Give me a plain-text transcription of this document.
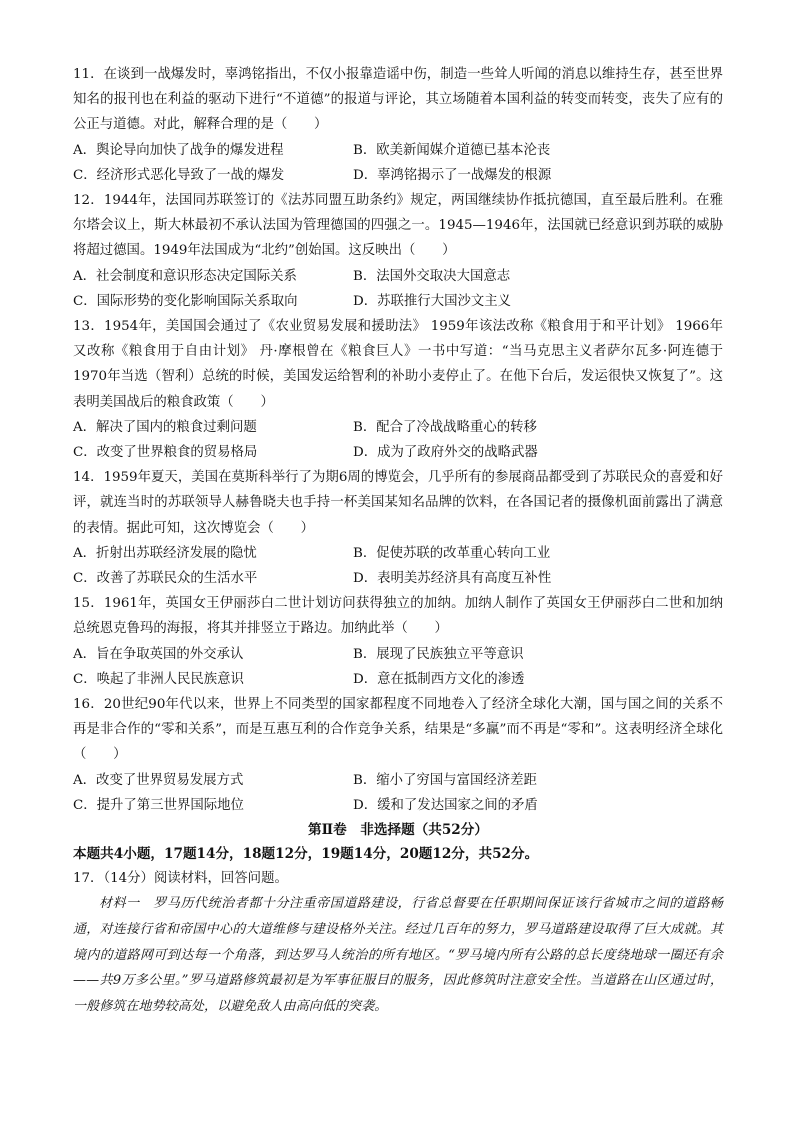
11．在谈到一战爆发时，辜鸿铭指出，不仅小报靠造谣中伤，制造一些耸人听闻的消息以维持生存，甚至世界知名的报刊也在利益的驱动下进行“不道德”的报道与评论，其立场随着本国利益的转变而转变，丧失了应有的公正与道德。对此，解释合理的是（　　）

A．舆论导向加快了战争的爆发进程	B．欧美新闻媒介道德已基本沦丧
C．经济形式恶化导致了一战的爆发	D．辜鸿铭揭示了一战爆发的根源

12．1944年，法国同苏联签订的《法苏同盟互助条约》规定，两国继续协作抵抗德国，直至最后胜利。在雅尔塔会议上，斯大林最初不承认法国为管理德国的四强之一。1945—1946年，法国就已经意识到苏联的威胁将超过德国。1949年法国成为“北约”创始国。这反映出（　　）

A．社会制度和意识形态决定国际关系	B．法国外交取决大国意志
C．国际形势的变化影响国际关系取向	D．苏联推行大国沙文主义

13．1954年，美国国会通过了《农业贸易发展和援助法》 1959年该法改称《粮食用于和平计划》 1966年又改称《粮食用于自由计划》 丹·摩根曾在《粮食巨人》一书中写道：“当马克思主义者萨尔瓦多·阿连德于1970年当选（智利）总统的时候，美国发运给智利的补助小麦停止了。在他下台后，发运很快又恢复了”。这表明美国战后的粮食政策（　　）

A．解决了国内的粮食过剩问题	B．配合了冷战战略重心的转移
C．改变了世界粮食的贸易格局	D．成为了政府外交的战略武器

14．1959年夏天，美国在莫斯科举行了为期6周的博览会，几乎所有的参展商品都受到了苏联民众的喜爱和好评，就连当时的苏联领导人赫鲁晓夫也手持一杯美国某知名品牌的饮料，在各国记者的摄像机面前露出了满意的表情。据此可知，这次博览会（　　）

A．折射出苏联经济发展的隐忧	B．促使苏联的改革重心转向工业
C．改善了苏联民众的生活水平	D．表明美苏经济具有高度互补性

15．1961年，英国女王伊丽莎白二世计划访问获得独立的加纳。加纳人制作了英国女王伊丽莎白二世和加纳总统恩克鲁玛的海报，将其并排竖立于路边。加纳此举（　　）

A．旨在争取英国的外交承认	B．展现了民族独立平等意识
C．唤起了非洲人民民族意识	D．意在抵制西方文化的渗透

16．20世纪90年代以来，世界上不同类型的国家都程度不同地卷入了经济全球化大潮，国与国之间的关系不再是非合作的“零和关系”，而是互惠互利的合作竞争关系，结果是“多赢”而不再是“零和”。这表明经济全球化（　　）

A．改变了世界贸易发展方式	B．缩小了穷国与富国经济差距
C．提升了第三世界国际地位	D．缓和了发达国家之间的矛盾
第Ⅱ卷　非选择题（共52分）
本题共4小题，17题14分，18题12分，19题14分，20题12分，共52分。
17．（14分）阅读材料，回答问题。

材料一　罗马历代统治者都十分注重帝国道路建设，行省总督要在任职期间保证该行省城市之间的道路畅通，对连接行省和帝国中心的大道维修与建设格外关注。经过几百年的努力，罗马道路建设取得了巨大成就。其境内的道路网可到达每一个角落，到达罗马人统治的所有地区。“罗马境内所有公路的总长度绕地球一圈还有余——共9万多公里。”罗马道路修筑最初是为军事征服目的服务，因此修筑时注意安全性。当道路在山区通过时，一般修筑在地势较高处，以避免敌人由高向低的突袭。
